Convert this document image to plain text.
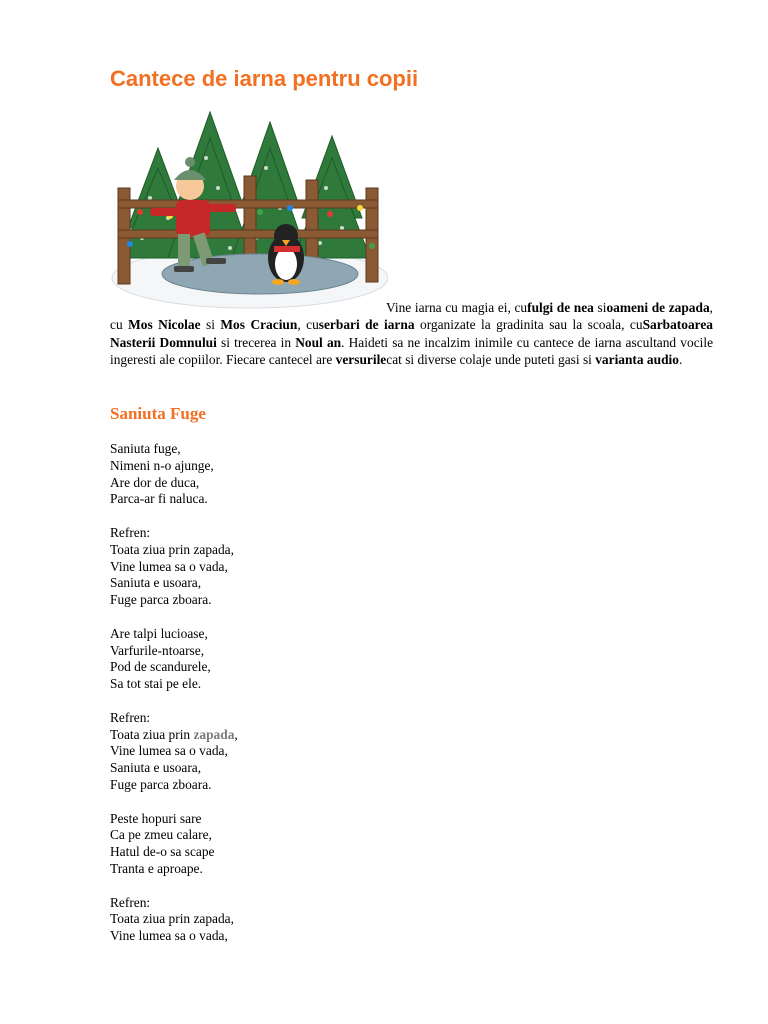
Cantece de iarna pentru copii

Vine iarna cu magia ei, cufulgi de nea sioameni de zapada, cu Mos Nicolae si Mos Craciun, cuserbari de iarna organizate la gradinita sau la scoala, cuSarbatoarea Nasterii Domnului si trecerea in Noul an. Haideti sa ne incalzim inimile cu cantece de iarna ascultand vocile ingeresti ale copiilor. Fiecare cantecel are versurilecat si diverse colaje unde puteti gasi si varianta audio.

Saniuta Fuge
Saniuta fuge,
Nimeni n-o ajunge,
Are dor de duca,
Parca-ar fi naluca.
Refren:
Toata ziua prin zapada,
Vine lumea sa o vada,
Saniuta e usoara,
Fuge parca zboara.
Are talpi lucioase,
Varfurile-ntoarse,
Pod de scandurele,
Sa tot stai pe ele.
Refren:
Toata ziua prin zapada,
Vine lumea sa o vada,
Saniuta e usoara,
Fuge parca zboara.
Peste hopuri sare
Ca pe zmeu calare,
Hatul de-o sa scape
Tranta e aproape.
Refren:
Toata ziua prin zapada,
Vine lumea sa o vada,
